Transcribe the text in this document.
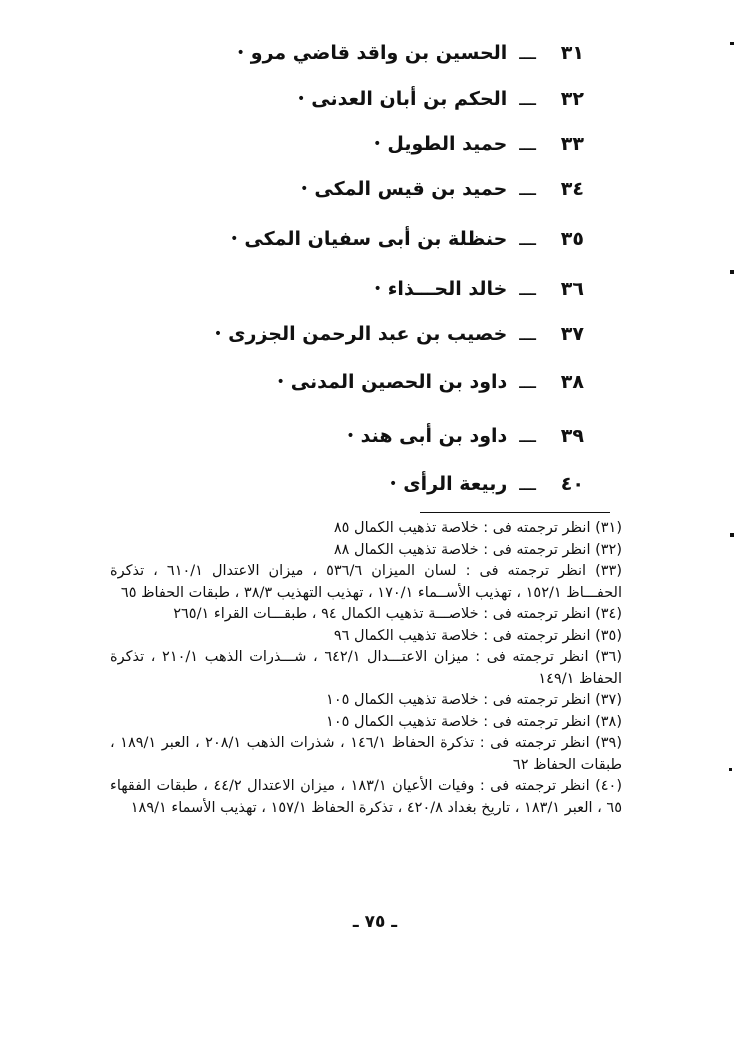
٣١
ـــ
الحسين بن واقد قاضي مرو
•
٣٢
ـــ
الحكم بن أبان العدنى
•
٣٣
ـــ
حميد الطويل
•
٣٤
ـــ
حميد بن قيس المكى
•
٣٥
ـــ
حنظلة بن أبى سفيان المكى
•
٣٦
ـــ
خالد الحـــذاء
•
٣٧
ـــ
خصيب بن عبد الرحمن الجزرى
•
٣٨
ـــ
داود بن الحصين المدنى
•
٣٩
ـــ
داود بن أبى هند
•
٤٠
ـــ
ربيعة الرأى
•
(٣١) انظر ترجمته فى : خلاصة تذهيب الكمال ٨٥
(٣٢) انظر ترجمته فى : خلاصة تذهيب الكمال ٨٨
(٣٣) انظر ترجمته فى : لسان الميزان ٥٣٦/٦ ، ميزان الاعتدال ٦١٠/١ ، تذكرة الحفـــاظ ١٥٢/١ ، تهذيب الأســماء ١٧٠/١ ، تهذيب التهذيب ٣٨/٣ ، طبقات الحفاظ ٦٥
(٣٤) انظر ترجمته فى : خلاصـــة تذهيب الكمال ٩٤ ، طبقـــات القراء ٢٦٥/١
(٣٥) انظر ترجمته فى : خلاصة تذهيب الكمال ٩٦
(٣٦) انظر ترجمته فى : ميزان الاعتـــدال ٦٤٢/١ ، شـــذرات الذهب ٢١٠/١ ، تذكرة الحفاظ ١٤٩/١
(٣٧) انظر ترجمته فى : خلاصة تذهيب الكمال ١٠٥
(٣٨) انظر ترجمته فى : خلاصة تذهيب الكمال ١٠٥
(٣٩) انظر ترجمته فى : تذكرة الحفاظ ١٤٦/١ ، شذرات الذهب ٢٠٨/١ ، العبر ١٨٩/١ ، طبقات الحفاظ ٦٢
(٤٠) انظر ترجمته فى : وفيات الأعيان ١٨٣/١ ، ميزان الاعتدال ٤٤/٢ ، طبقات الفقهاء ٦٥ ، العبر ١٨٣/١ ، تاريخ بغداد ٤٢٠/٨ ، تذكرة الحفاظ ١٥٧/١ ، تهذيب الأسماء ١٨٩/١
ـ ٧٥ ـ
